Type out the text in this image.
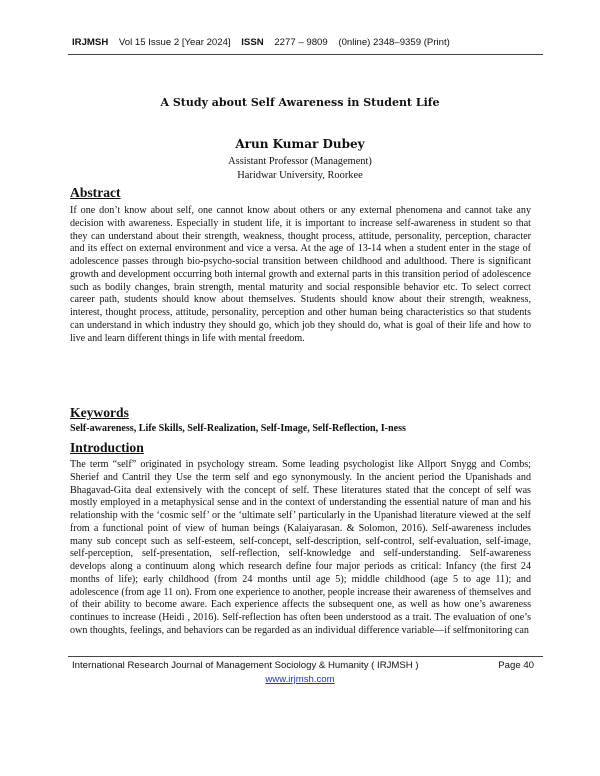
IRJMSH Vol 15 Issue 2 [Year 2024] ISSN 2277 – 9809 (0nline) 2348–9359 (Print)
A Study about Self Awareness in Student Life
Arun Kumar Dubey
Assistant Professor (Management)
Haridwar University, Roorkee
Abstract

If one don’t know about self, one cannot know about others or any external phenomena and cannot take any decision with awareness. Especially in student life, it is important to increase self-awareness in student so that they can understand about their strength, weakness, thought process, attitude, personality, perception, character and its effect on external environment and vice a versa. At the age of 13-14 when a student enter in the stage of adolescence passes through bio-psycho-social transition between childhood and adulthood. There is significant growth and development occurring both internal growth and external parts in this transition period of adolescence such as bodily changes, brain strength, mental maturity and social responsible behavior etc. To select correct career path, students should know about themselves. Students should know about their strength, weakness, interest, thought process, attitude, personality, perception and other human being characteristics so that students can understand in which industry they should go, which job they should do, what is goal of their life and how to live and learn different things in life with mental freedom.

Keywords
Self-awareness, Life Skills, Self-Realization, Self-Image, Self-Reflection, I-ness
Introduction

The term “self” originated in psychology stream. Some leading psychologist like Allport Snygg and Combs; Sherief and Cantril they Use the term self and ego synonymously. In the ancient period the Upanishads and Bhagavad-Gita deal extensively with the concept of self. These literatures stated that the concept of self was mostly employed in a metaphysical sense and in the context of understanding the essential nature of man and his relationship with the ‘cosmic self’ or the ‘ultimate self’ particularly in the Upanishad literature viewed at the self from a functional point of view of human beings (Kalaiyarasan. & Solomon, 2016). Self-awareness includes many sub concept such as self-esteem, self-concept, self-description, self-control, self-evaluation, self-image, self-perception, self-presentation, self-reflection, self-knowledge and self-understanding. Self-awareness develops along a continuum along which research define four major periods as critical: Infancy (the first 24 months of life); early childhood (from 24 months until age 5); middle childhood (age 5 to age 11); and adolescence (from age 11 on). From one experience to another, people increase their awareness of themselves and of their ability to become aware. Each experience affects the subsequent one, as well as how one’s awareness continues to increase (Heidi , 2016). Self-reflection has often been understood as a trait. The evaluation of one’s own thoughts, feelings, and behaviors can be regarded as an individual difference variable—if selfmonitoring can

International Research Journal of Management Sociology & Humanity ( IRJMSH )	Page 40
www.irjmsh.com
